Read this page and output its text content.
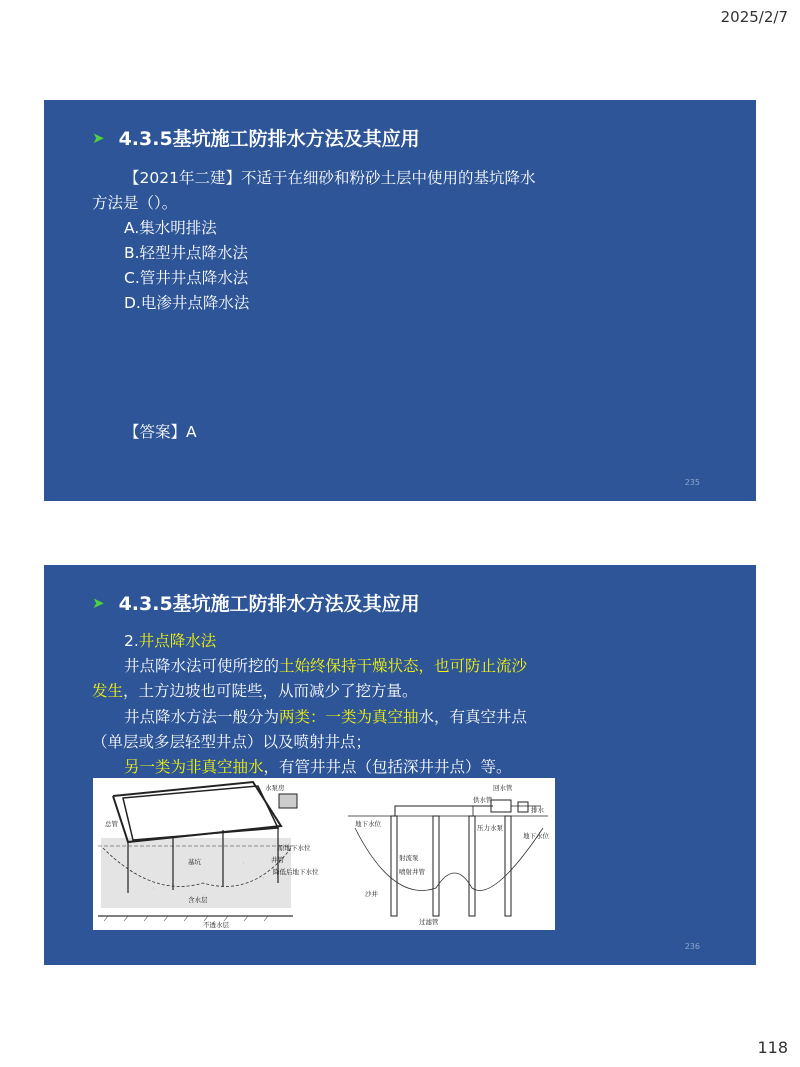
2025/2/7
➤ 4.3.5基坑施工防排水方法及其应用
【2021年二建】不适于在细砂和粉砂土层中使用的基坑降水
方法是（）。
A.集水明排法
B.轻型井点降水法
C.管井井点降水法
D.电渗井点降水法
【答案】A
235
➤ 4.3.5基坑施工防排水方法及其应用
2.井点降水法
井点降水法可使所挖的土始终保持干燥状态，也可防止流沙
发生，土方边坡也可陡些，从而减少了挖方量。
井点降水方法一般分为两类：一类为真空抽水，有真空井点
（单层或多层轻型井点）以及喷射井点；
另一类为非真空抽水，有管井井点（包括深井井点）等。
水泵房
总管
原地下水位
井管
基坑
降低后地下水位
含水层
不透水层
回水管
供水管
排水
压力水泵
地下水位
地下水位
沙井
射流泵
喷射井管
过滤管
236
118
